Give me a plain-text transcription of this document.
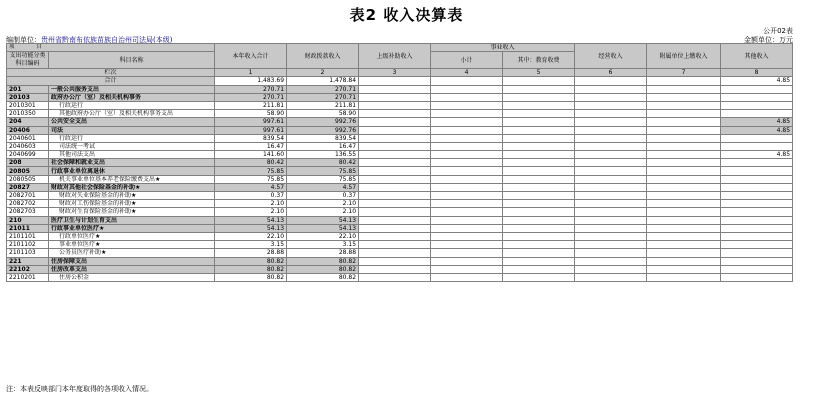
表2 收入决算表
公开02表
编制单位：贵州省黔南布依族苗族自治州司法局(本级)	金额单位：万元
项　　　　目		本年收入合计	财政拨款收入	上级补助收入	事业收入		经营收入	附属单位上缴收入	其他收入
支出功能分类科目编码	科目名称				小计	其中：教育收费			
栏次		1	2	3	4	5	6	7	8
合计		1,483.69	1,478.84						4.85
201	一般公共服务支出	270.71	270.71						
20103	政府办公厅（室）及相关机构事务	270.71	270.71						
2010301	行政运行	211.81	211.81						
2010350	其他政府办公厅（室）及相关机构事务支出	58.90	58.90						
204	公共安全支出	997.61	992.76						4.85
20406	司法	997.61	992.76						4.85
2040601	行政运行	839.54	839.54						
2040603	司法统一考试	16.47	16.47						
2040699	其他司法支出	141.60	136.55						4.85
208	社会保障和就业支出	80.42	80.42						
20805	行政事业单位离退休	75.85	75.85						
2080505	机关事业单位基本养老保险缴费支出★	75.85	75.85						
20827	财政对其他社会保险基金的补助★	4.57	4.57						
2082701	财政对失业保险基金的补助★	0.37	0.37						
2082702	财政对工伤保险基金的补助★	2.10	2.10						
2082703	财政对生育保险基金的补助★	2.10	2.10						
210	医疗卫生与计划生育支出	54.13	54.13						
21011	行政事业单位医疗★	54.13	54.13						
2101101	行政单位医疗★	22.10	22.10						
2101102	事业单位医疗★	3.15	3.15						
2101103	公务员医疗补助★	28.88	28.88						
221	住房保障支出	80.82	80.82						
22102	住房改革支出	80.82	80.82						
2210201	住房公积金	80.82	80.82						
注：本表反映部门本年度取得的各项收入情况。
